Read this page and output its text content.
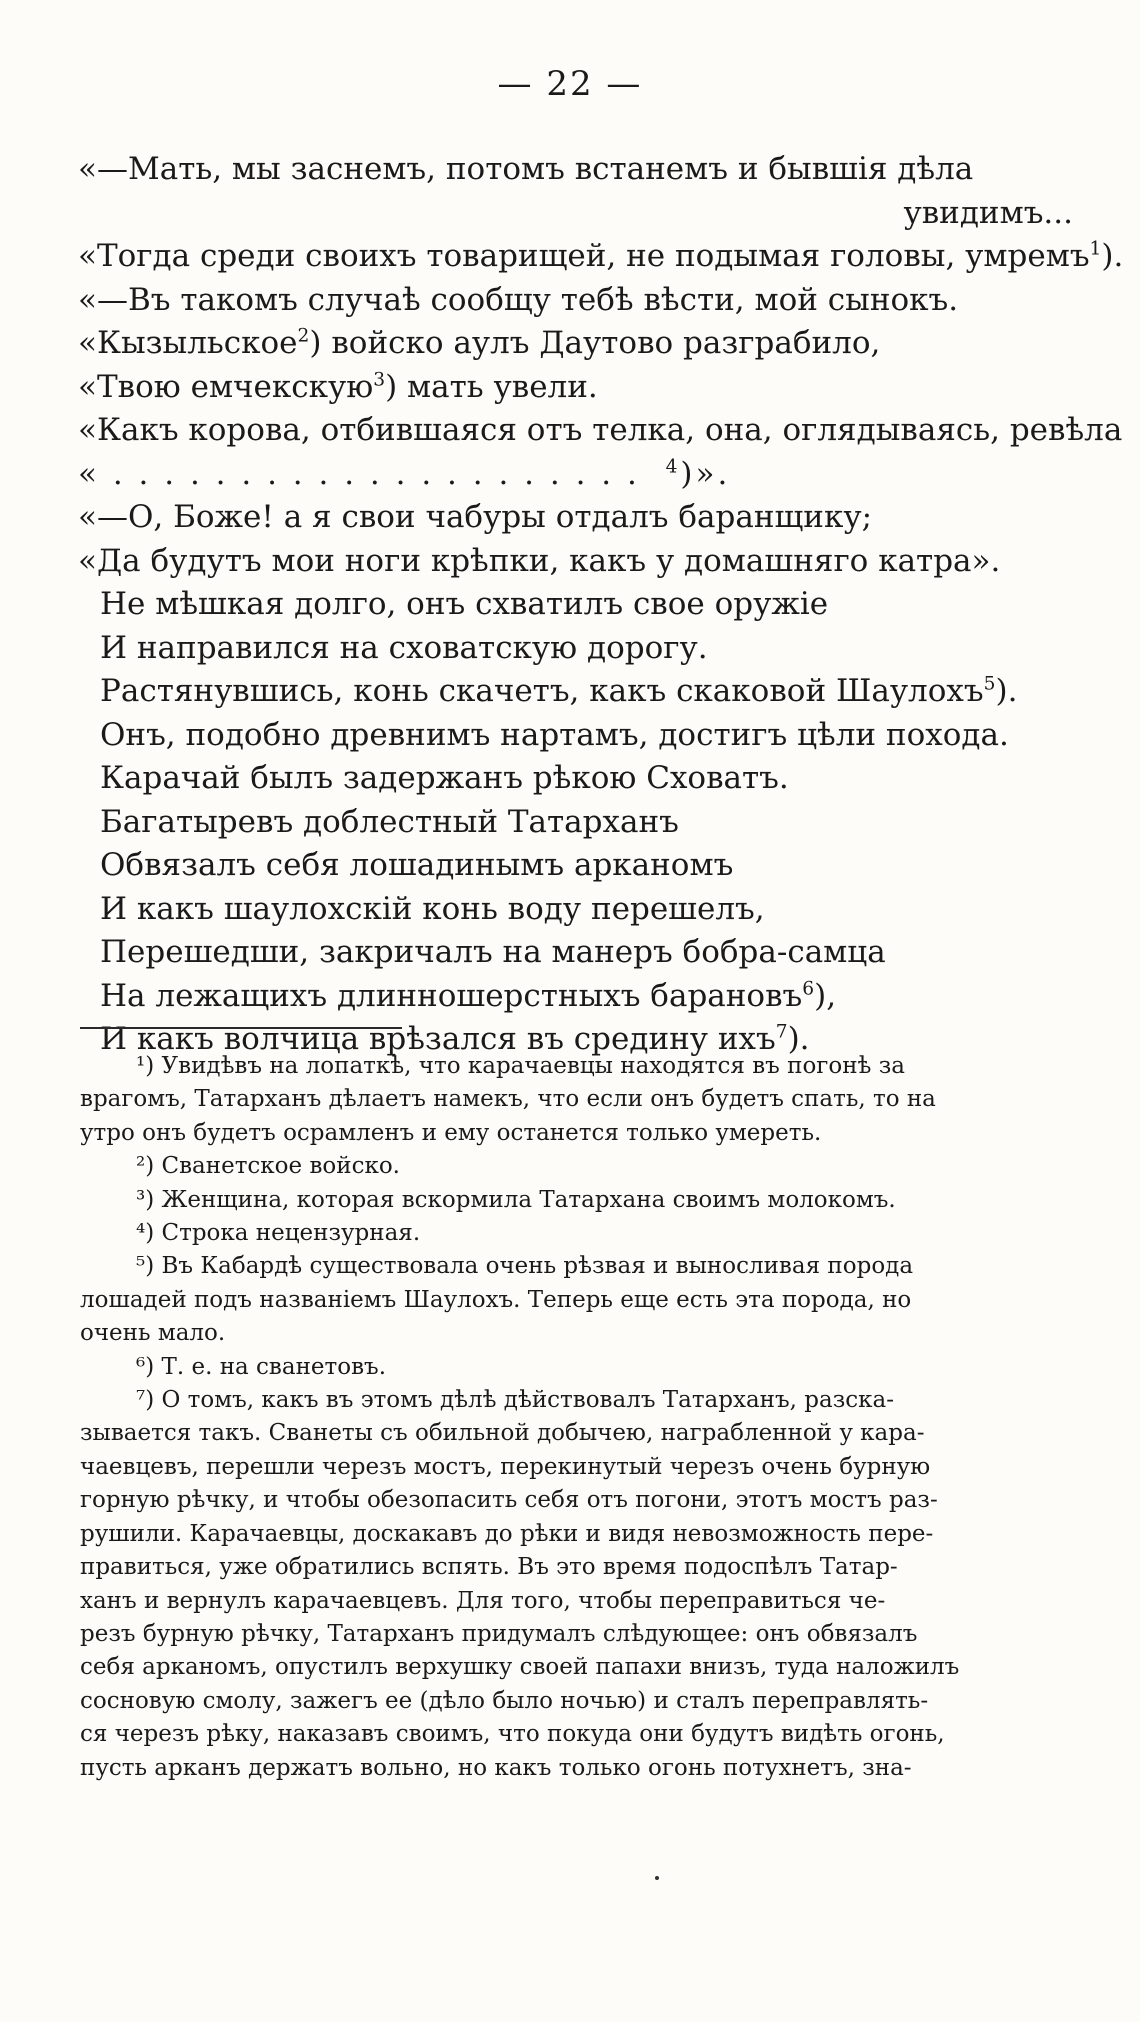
— 22 —
«—Мать, мы заснемъ, потомъ встанемъ и бывшія дѣла
увидимъ...
«Тогда среди своихъ товарищей, не подымая головы, умремъ$^1$).
«—Въ такомъ случаѣ сообщу тебѣ вѣсти, мой сынокъ.
«Кызыльское$^2$) войско аулъ Даутово разграбило,
«Твою емчекскую$^3$) мать увели.
«Какъ корова, отбившаяся отъ телка, она, оглядываясь, ревѣла
« . . . . . . . . . . . . . . . . . . . . . $^4$)».
«—О, Боже! а я свои чабуры отдалъ баранщику;
«Да будутъ мои ноги крѣпки, какъ у домашняго катра».
Не мѣшкая долго, онъ схватилъ свое оружіе
И направился на сховатскую дорогу.
Растянувшись, конь скачетъ, какъ скаковой Шаулохъ$^5$).
Онъ, подобно древнимъ нартамъ, достигъ цѣли похода.
Карачай былъ задержанъ рѣкою Сховатъ.
Багатыревъ доблестный Татарханъ
Обвязалъ себя лошадинымъ арканомъ
И какъ шаулохскій конь воду перешелъ,
Перешедши, закричалъ на манеръ бобра-самца
На лежащихъ длинношерстныхъ барановъ$^6$),
И какъ волчица врѣзался въ средину ихъ$^7$).
¹) Увидѣвъ на лопаткѣ, что карачаевцы находятся въ погонѣ за
врагомъ, Татарханъ дѣлаетъ намекъ, что если онъ будетъ спать, то на
утро онъ будетъ осрамленъ и ему останется только умереть.
²) Сванетское войско.
³) Женщина, которая вскормила Татархана своимъ молокомъ.
⁴) Строка нецензурная.
⁵) Въ Кабардѣ существовала очень рѣзвая и выносливая порода
лошадей подъ названіемъ Шаулохъ. Теперь еще есть эта порода, но
очень мало.
⁶) Т. е. на сванетовъ.
⁷) О томъ, какъ въ этомъ дѣлѣ дѣйствовалъ Татарханъ, разска-
зывается такъ. Сванеты съ обильной добычею, награбленной у кара-
чаевцевъ, перешли черезъ мостъ, перекинутый черезъ очень бурную
горную рѣчку, и чтобы обезопасить себя отъ погони, этотъ мостъ раз-
рушили. Карачаевцы, доскакавъ до рѣки и видя невозможность пере-
правиться, уже обратились вспять. Въ это время подоспѣлъ Татар-
ханъ и вернулъ карачаевцевъ. Для того, чтобы переправиться че-
резъ бурную рѣчку, Татарханъ придумалъ слѣдующее: онъ обвязалъ
себя арканомъ, опустилъ верхушку своей папахи внизъ, туда наложилъ
сосновую смолу, зажегъ ее (дѣло было ночью) и сталъ переправлять-
ся черезъ рѣку, наказавъ своимъ, что покуда они будутъ видѣть огонь,
пусть арканъ держатъ вольно, но какъ только огонь потухнетъ, зна-
